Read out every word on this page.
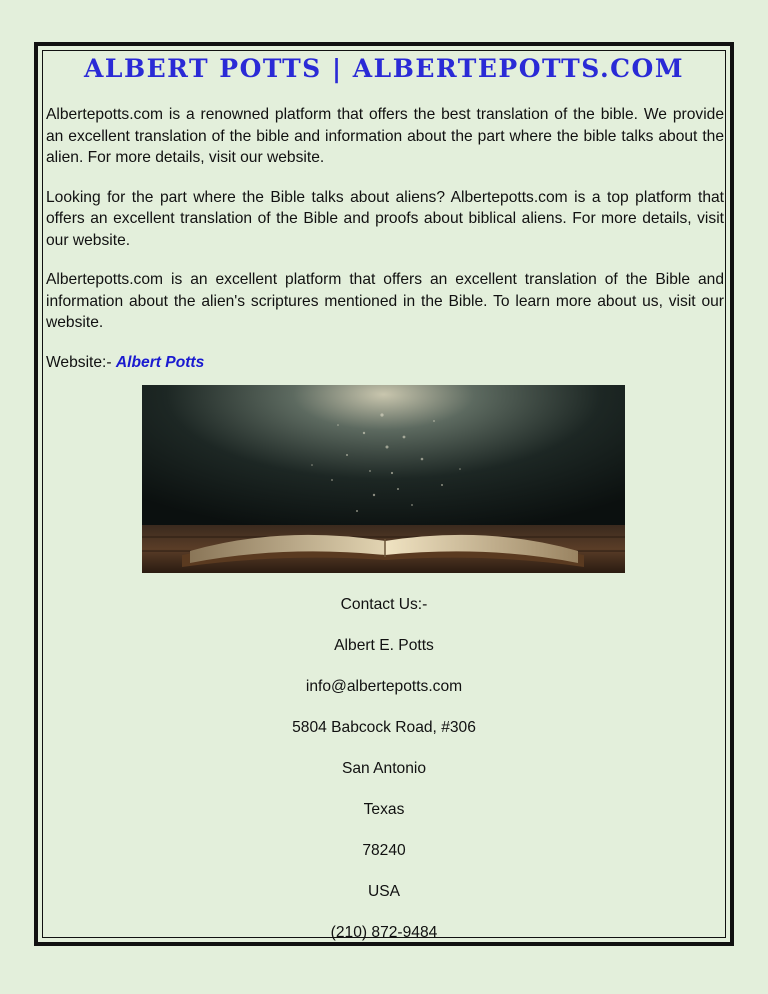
ALBERT POTTS | ALBERTEPOTTS.COM

Albertepotts.com is a renowned platform that offers the best translation of the bible. We provide an excellent translation of the bible and information about the part where the bible talks about the alien. For more details, visit our website.

Looking for the part where the Bible talks about aliens? Albertepotts.com is a top platform that offers an excellent translation of the Bible and proofs about biblical aliens. For more details, visit our website.

Albertepotts.com is an excellent platform that offers an excellent translation of the Bible and information about the alien's scriptures mentioned in the Bible. To learn more about us, visit our website.

Website:- Albert Potts

Contact Us:-
Albert E. Potts
info@albertepotts.com
5804 Babcock Road, #306
San Antonio
Texas
78240
USA
(210) 872-9484
